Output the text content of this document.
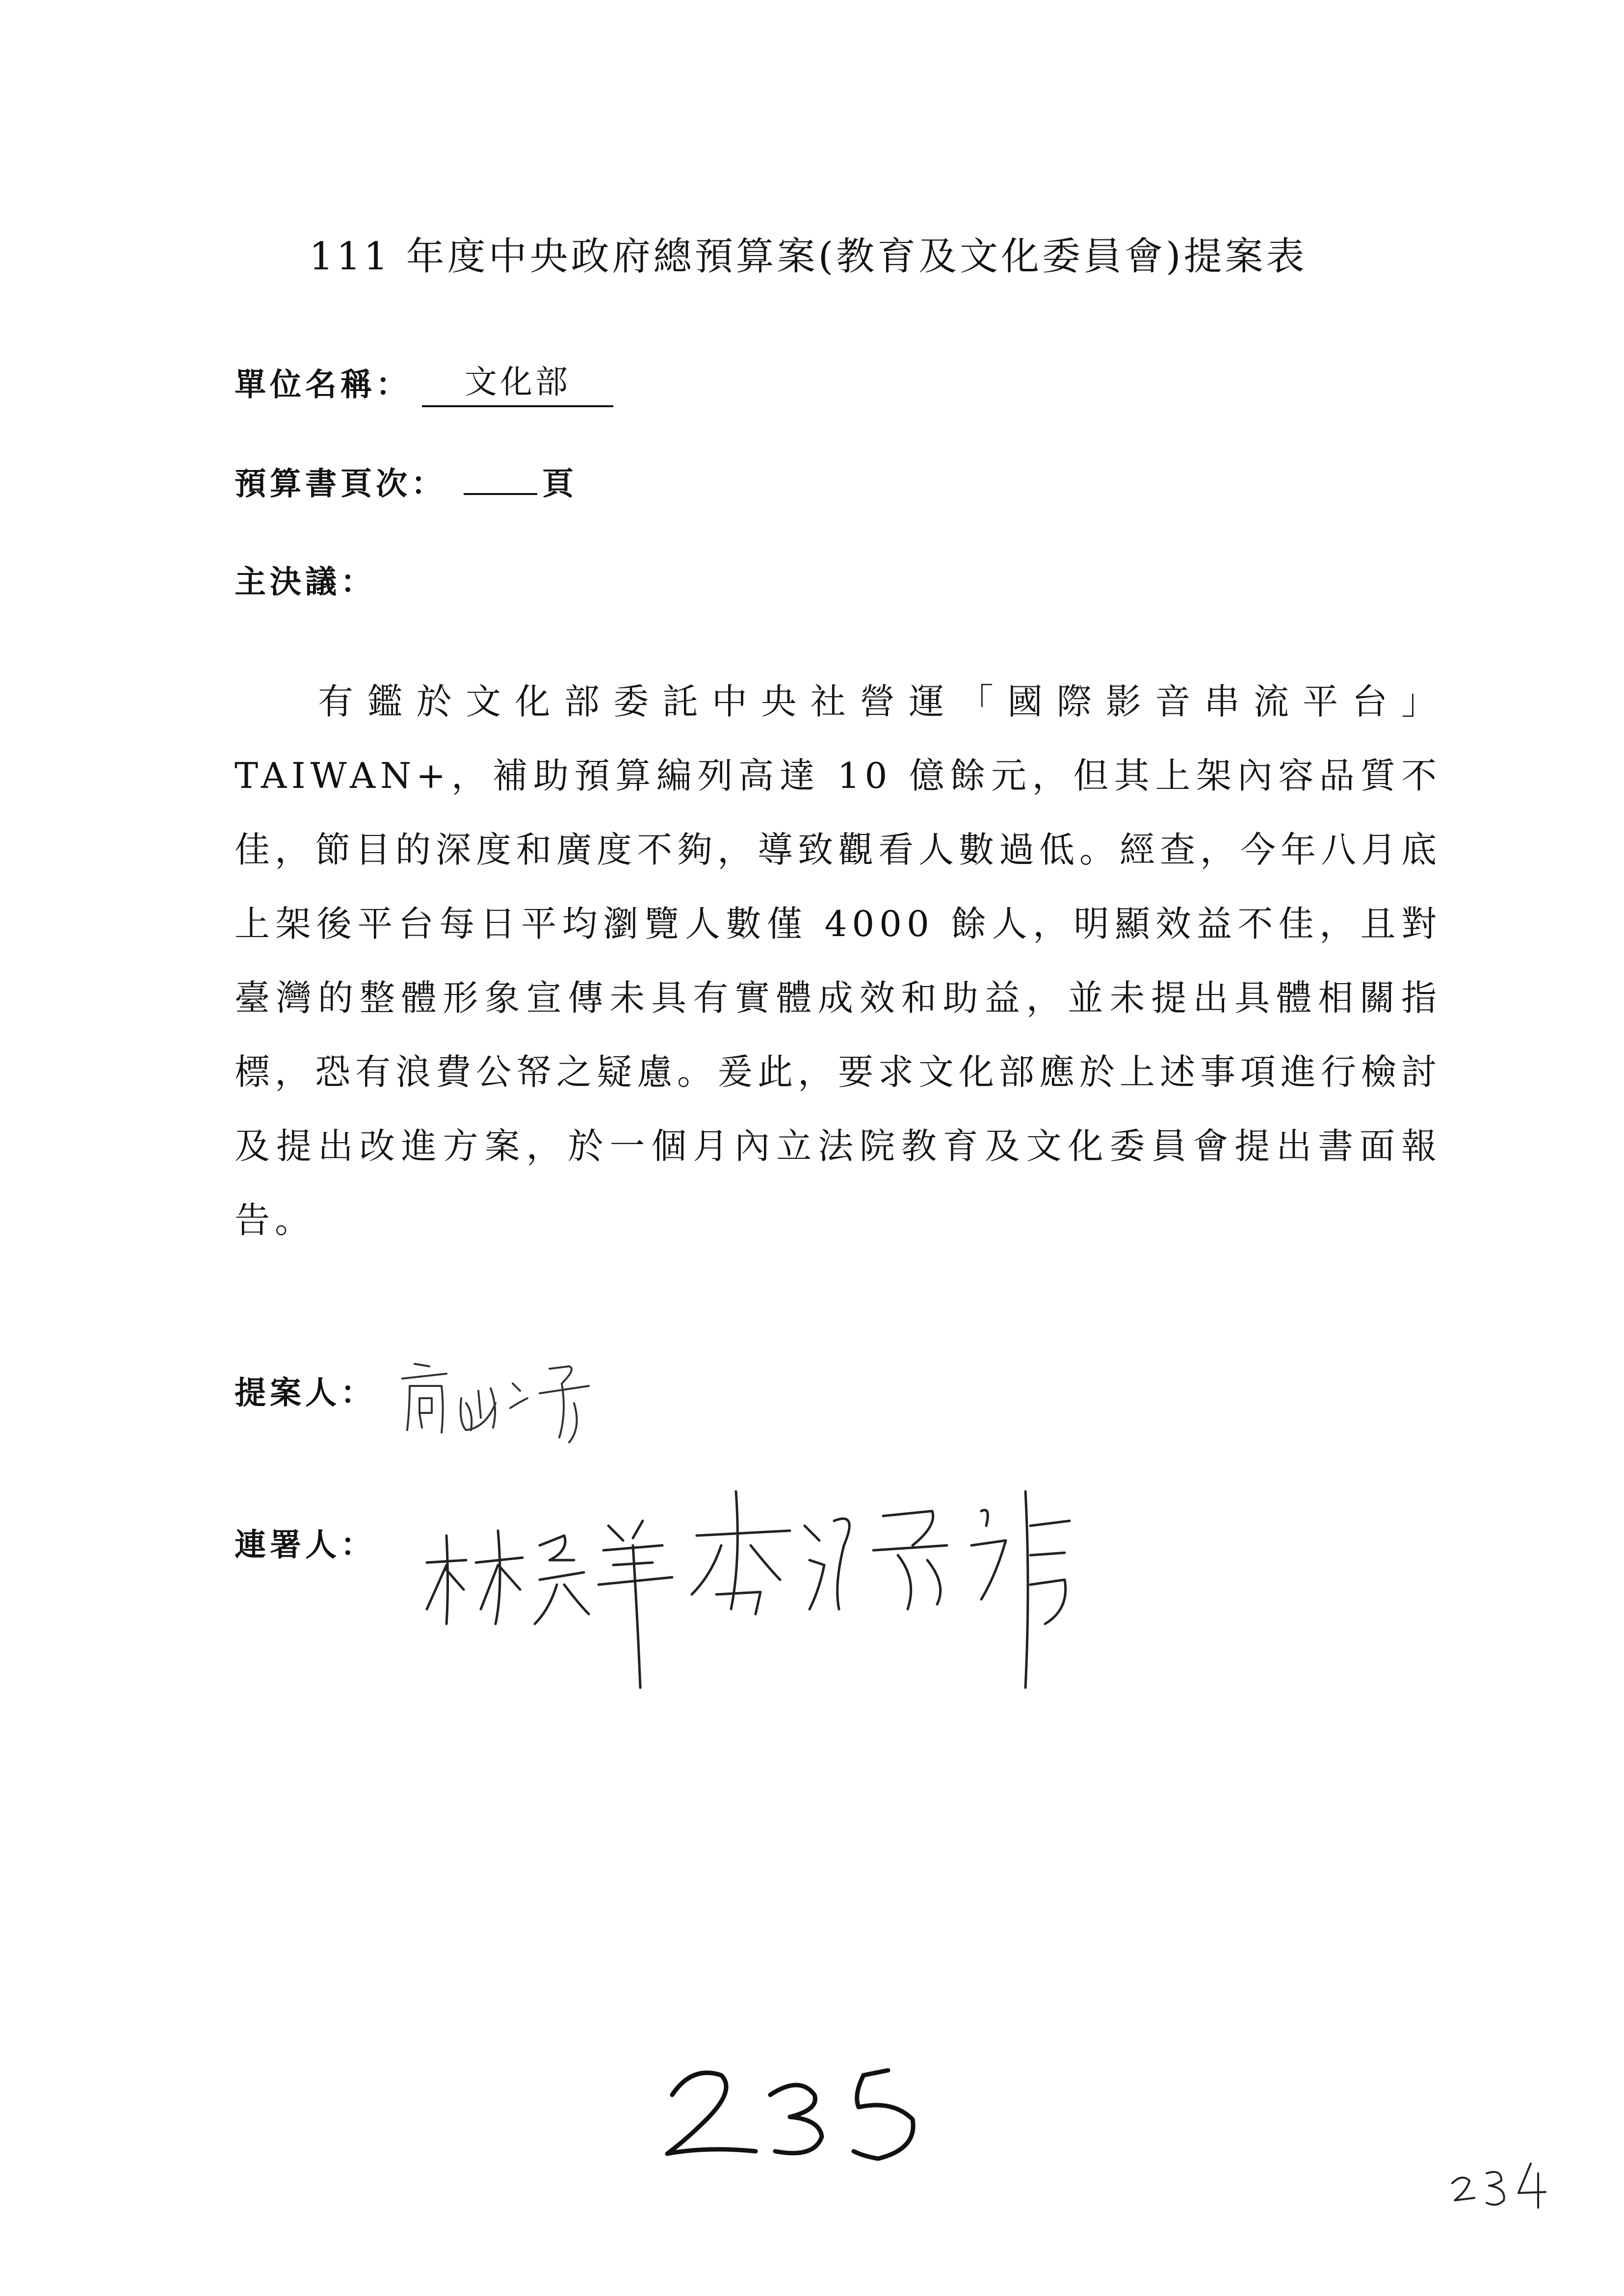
111 年度中央政府總預算案(教育及文化委員會)提案表
單位名稱：	文化部
預算書頁次：	頁
主決議：

有鑑於文化部委託中央社營運「國際影音串流平台」TAIWAN+，補助預算編列高達 10 億餘元，但其上架內容品質不佳，節目的深度和廣度不夠，導致觀看人數過低。經查，今年八月底上架後平台每日平均瀏覽人數僅 4000 餘人，明顯效益不佳，且對臺灣的整體形象宣傳未具有實體成效和助益，並未提出具體相關指標，恐有浪費公帑之疑慮。爰此，要求文化部應於上述事項進行檢討及提出改進方案，於一個月內立法院教育及文化委員會提出書面報告。

提案人：
連署人：
